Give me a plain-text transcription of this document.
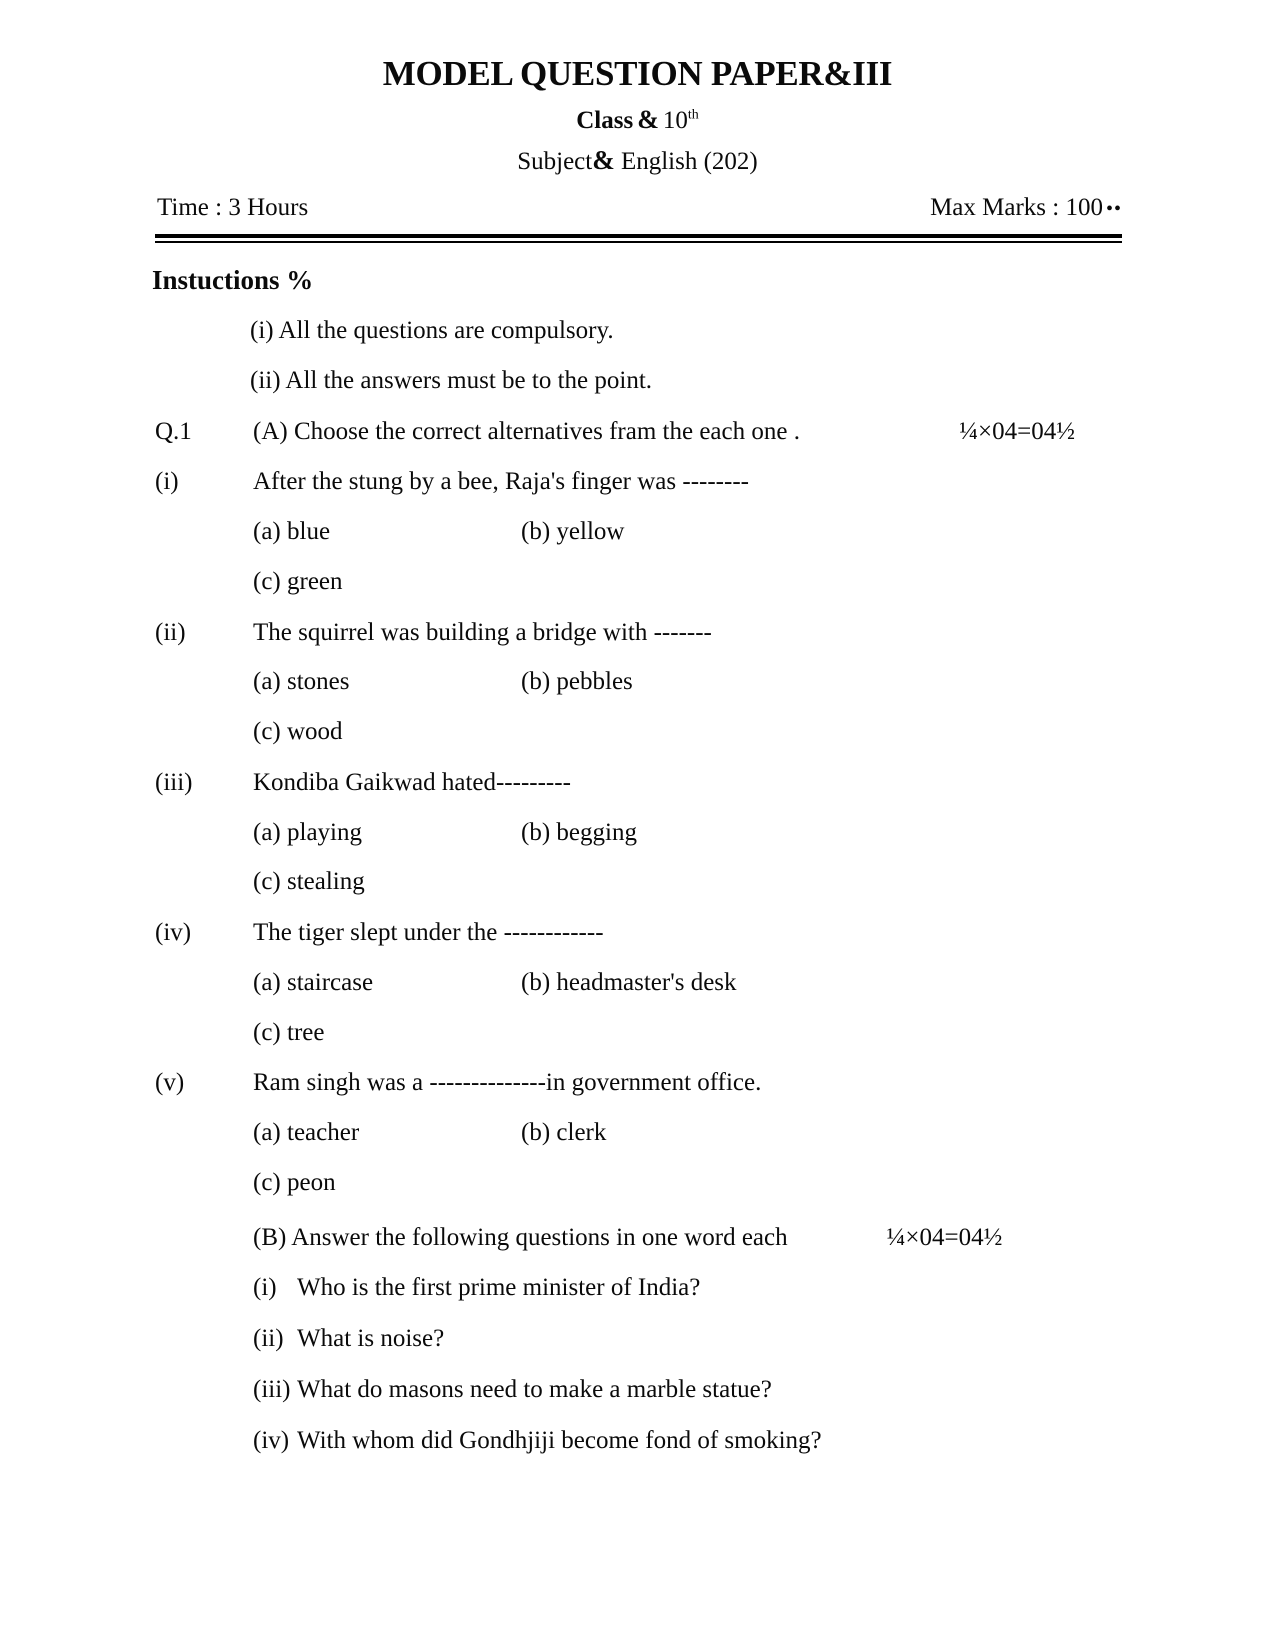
MODEL QUESTION PAPER&III
Class & 10th
Subject& English (202)
Time : 3 Hours	Max Marks : 100 ••
Instuctions %
(i) All the questions are compulsory.
(ii) All the answers must be to the point.
Q.1	(A) Choose the correct alternatives fram the each one .	¼×04=04½
(i)	After the stung by a bee, Raja's finger was --------
(a) blue	(b) yellow
(c) green
(ii)	The squirrel was building a bridge with -------
(a) stones	(b) pebbles
(c) wood
(iii)	Kondiba Gaikwad hated---------
(a) playing	(b) begging
(c) stealing
(iv)	The tiger slept under the ------------
(a) staircase	(b) headmaster's desk
(c) tree
(v)	Ram singh was a --------------in government office.
(a) teacher	(b) clerk
(c) peon
(B) Answer the following questions in one word each	¼×04=04½
(i) Who is the first prime minister of India?
(ii) What is noise?
(iii) What do masons need to make a marble statue?
(iv) With whom did Gondhjiji become fond of smoking?
